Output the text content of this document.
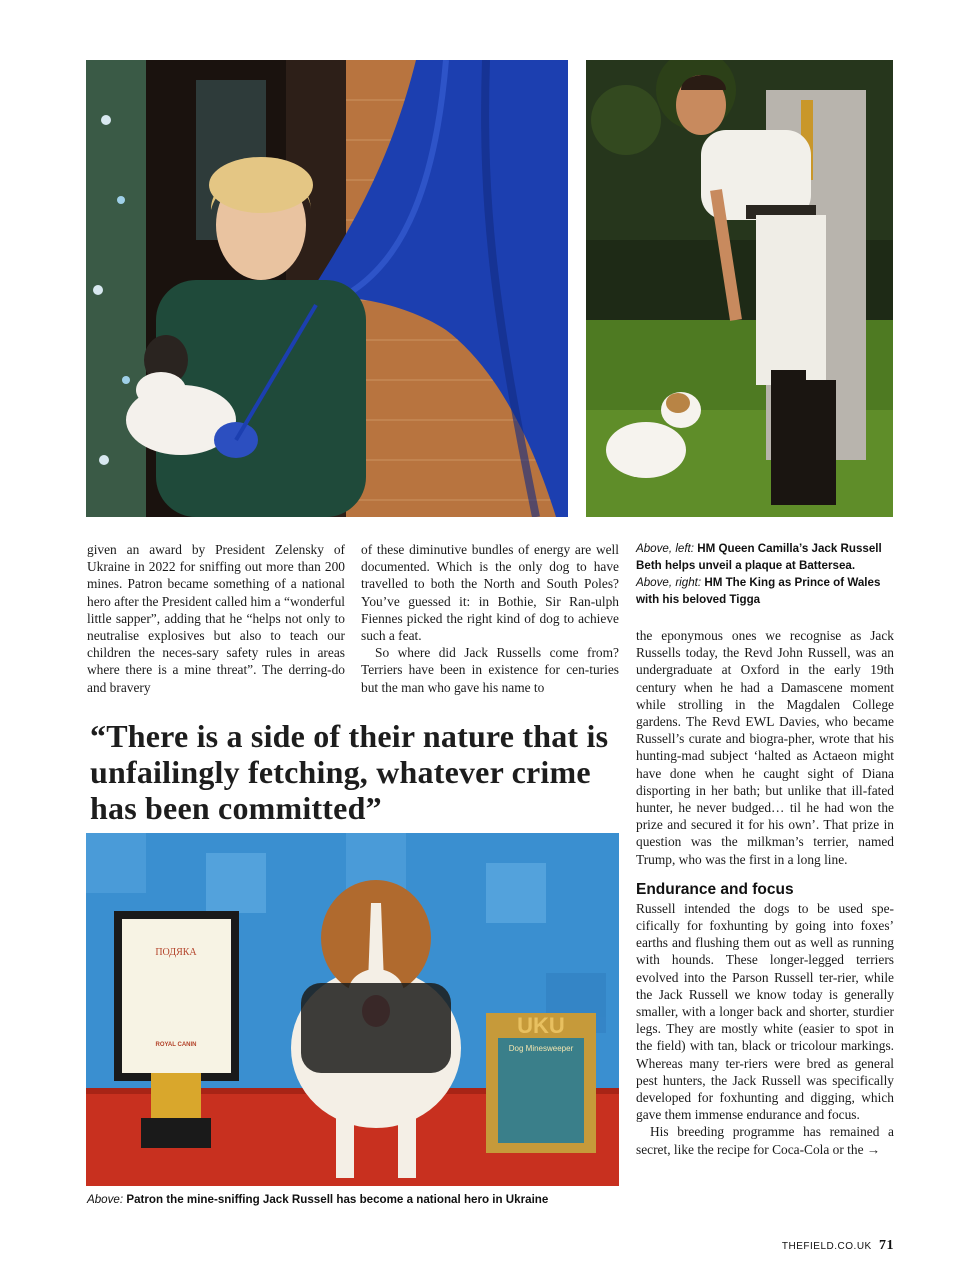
given an award by President Zelensky of Ukraine in 2022 for sniffing out more than 200 mines. Patron became something of a national hero after the President called him a “wonderful little sapper”, adding that he “helps not only to neutralise explosives but also to teach our children the neces-sary safety rules in areas where there is a mine threat”. The derring-do and bravery

of these diminutive bundles of energy are well documented. Which is the only dog to have travelled to both the North and South Poles? You’ve guessed it: in Bothie, Sir Ran-ulph Fiennes picked the right kind of dog to achieve such a feat.

So where did Jack Russells come from? Terriers have been in existence for cen-turies but the man who gave his name to

“There is a side of their nature that is unfailingly fetching, whatever crime has been committed”
ПОДЯКА
ROYAL CANIN
UKU
Dog Minesweeper
Above: Patron the mine-sniffing Jack Russell has become a national hero in Ukraine
Above, left: HM Queen Camilla’s Jack Russell Beth helps unveil a plaque at Battersea. Above, right: HM The King as Prince of Wales with his beloved Tigga

the eponymous ones we recognise as Jack Russells today, the Revd John Russell, was an undergraduate at Oxford in the early 19th century when he had a Damascene moment while strolling in the Magdalen College gardens. The Revd EWL Davies, who became Russell’s curate and biogra-pher, wrote that his hunting-mad subject ‘halted as Actaeon might have done when he caught sight of Diana disporting in her bath; but unlike that ill-fated hunter, he never budged… til he had won the prize and secured it for his own’. That prize in question was the milkman’s terrier, named Trump, who was the first in a long line.

Endurance and focus

Russell intended the dogs to be used spe-cifically for foxhunting by going into foxes’ earths and flushing them out as well as running with hounds. These longer-legged terriers evolved into the Parson Russell ter-rier, while the Jack Russell we know today is generally smaller, with a longer back and shorter, sturdier legs. They are mostly white (easier to spot in the field) with tan, black or tricolour markings. Whereas many ter-riers were bred as general pest hunters, the Jack Russell was specifically developed for foxhunting and digging, which gave them immense endurance and focus.

His breeding programme has remained a secret, like the recipe for Coca-Cola or the →

THEFIELD.CO.UK 71
